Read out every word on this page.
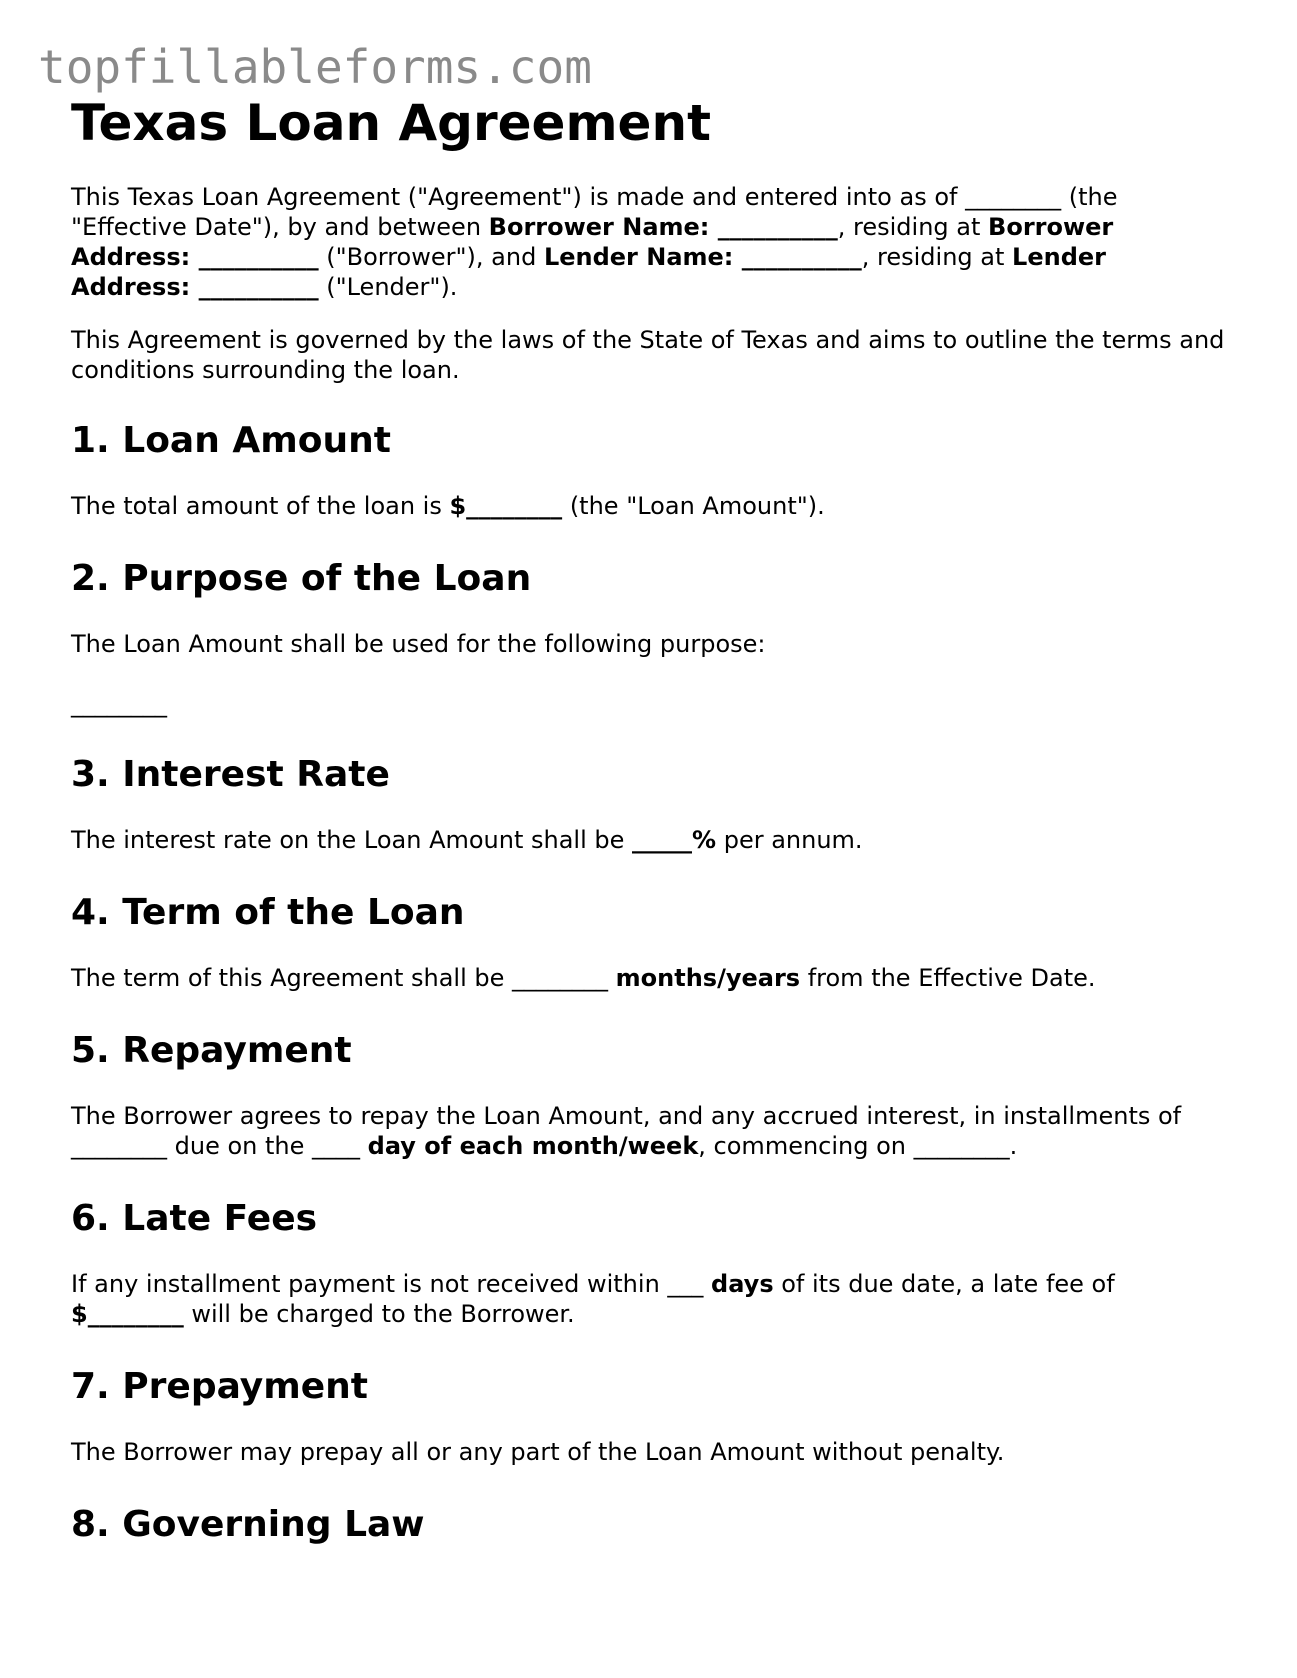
topfillableforms.com
Texas Loan Agreement

This Texas Loan Agreement ("Agreement") is made and entered into as of ________ (the "Effective Date"), by and between Borrower Name: __________, residing at Borrower Address: __________ ("Borrower"), and Lender Name: __________, residing at Lender Address: __________ ("Lender").

This Agreement is governed by the laws of the State of Texas and aims to outline the terms and conditions surrounding the loan.

1. Loan Amount

The total amount of the loan is $________ (the "Loan Amount").

2. Purpose of the Loan

The Loan Amount shall be used for the following purpose:

________

3. Interest Rate

The interest rate on the Loan Amount shall be _____% per annum.

4. Term of the Loan

The term of this Agreement shall be ________ months/years from the Effective Date.

5. Repayment

The Borrower agrees to repay the Loan Amount, and any accrued interest, in installments of ________ due on the ____ day of each month/week, commencing on ________.

6. Late Fees

If any installment payment is not received within ___ days of its due date, a late fee of $________ will be charged to the Borrower.

7. Prepayment

The Borrower may prepay all or any part of the Loan Amount without penalty.

8. Governing Law
